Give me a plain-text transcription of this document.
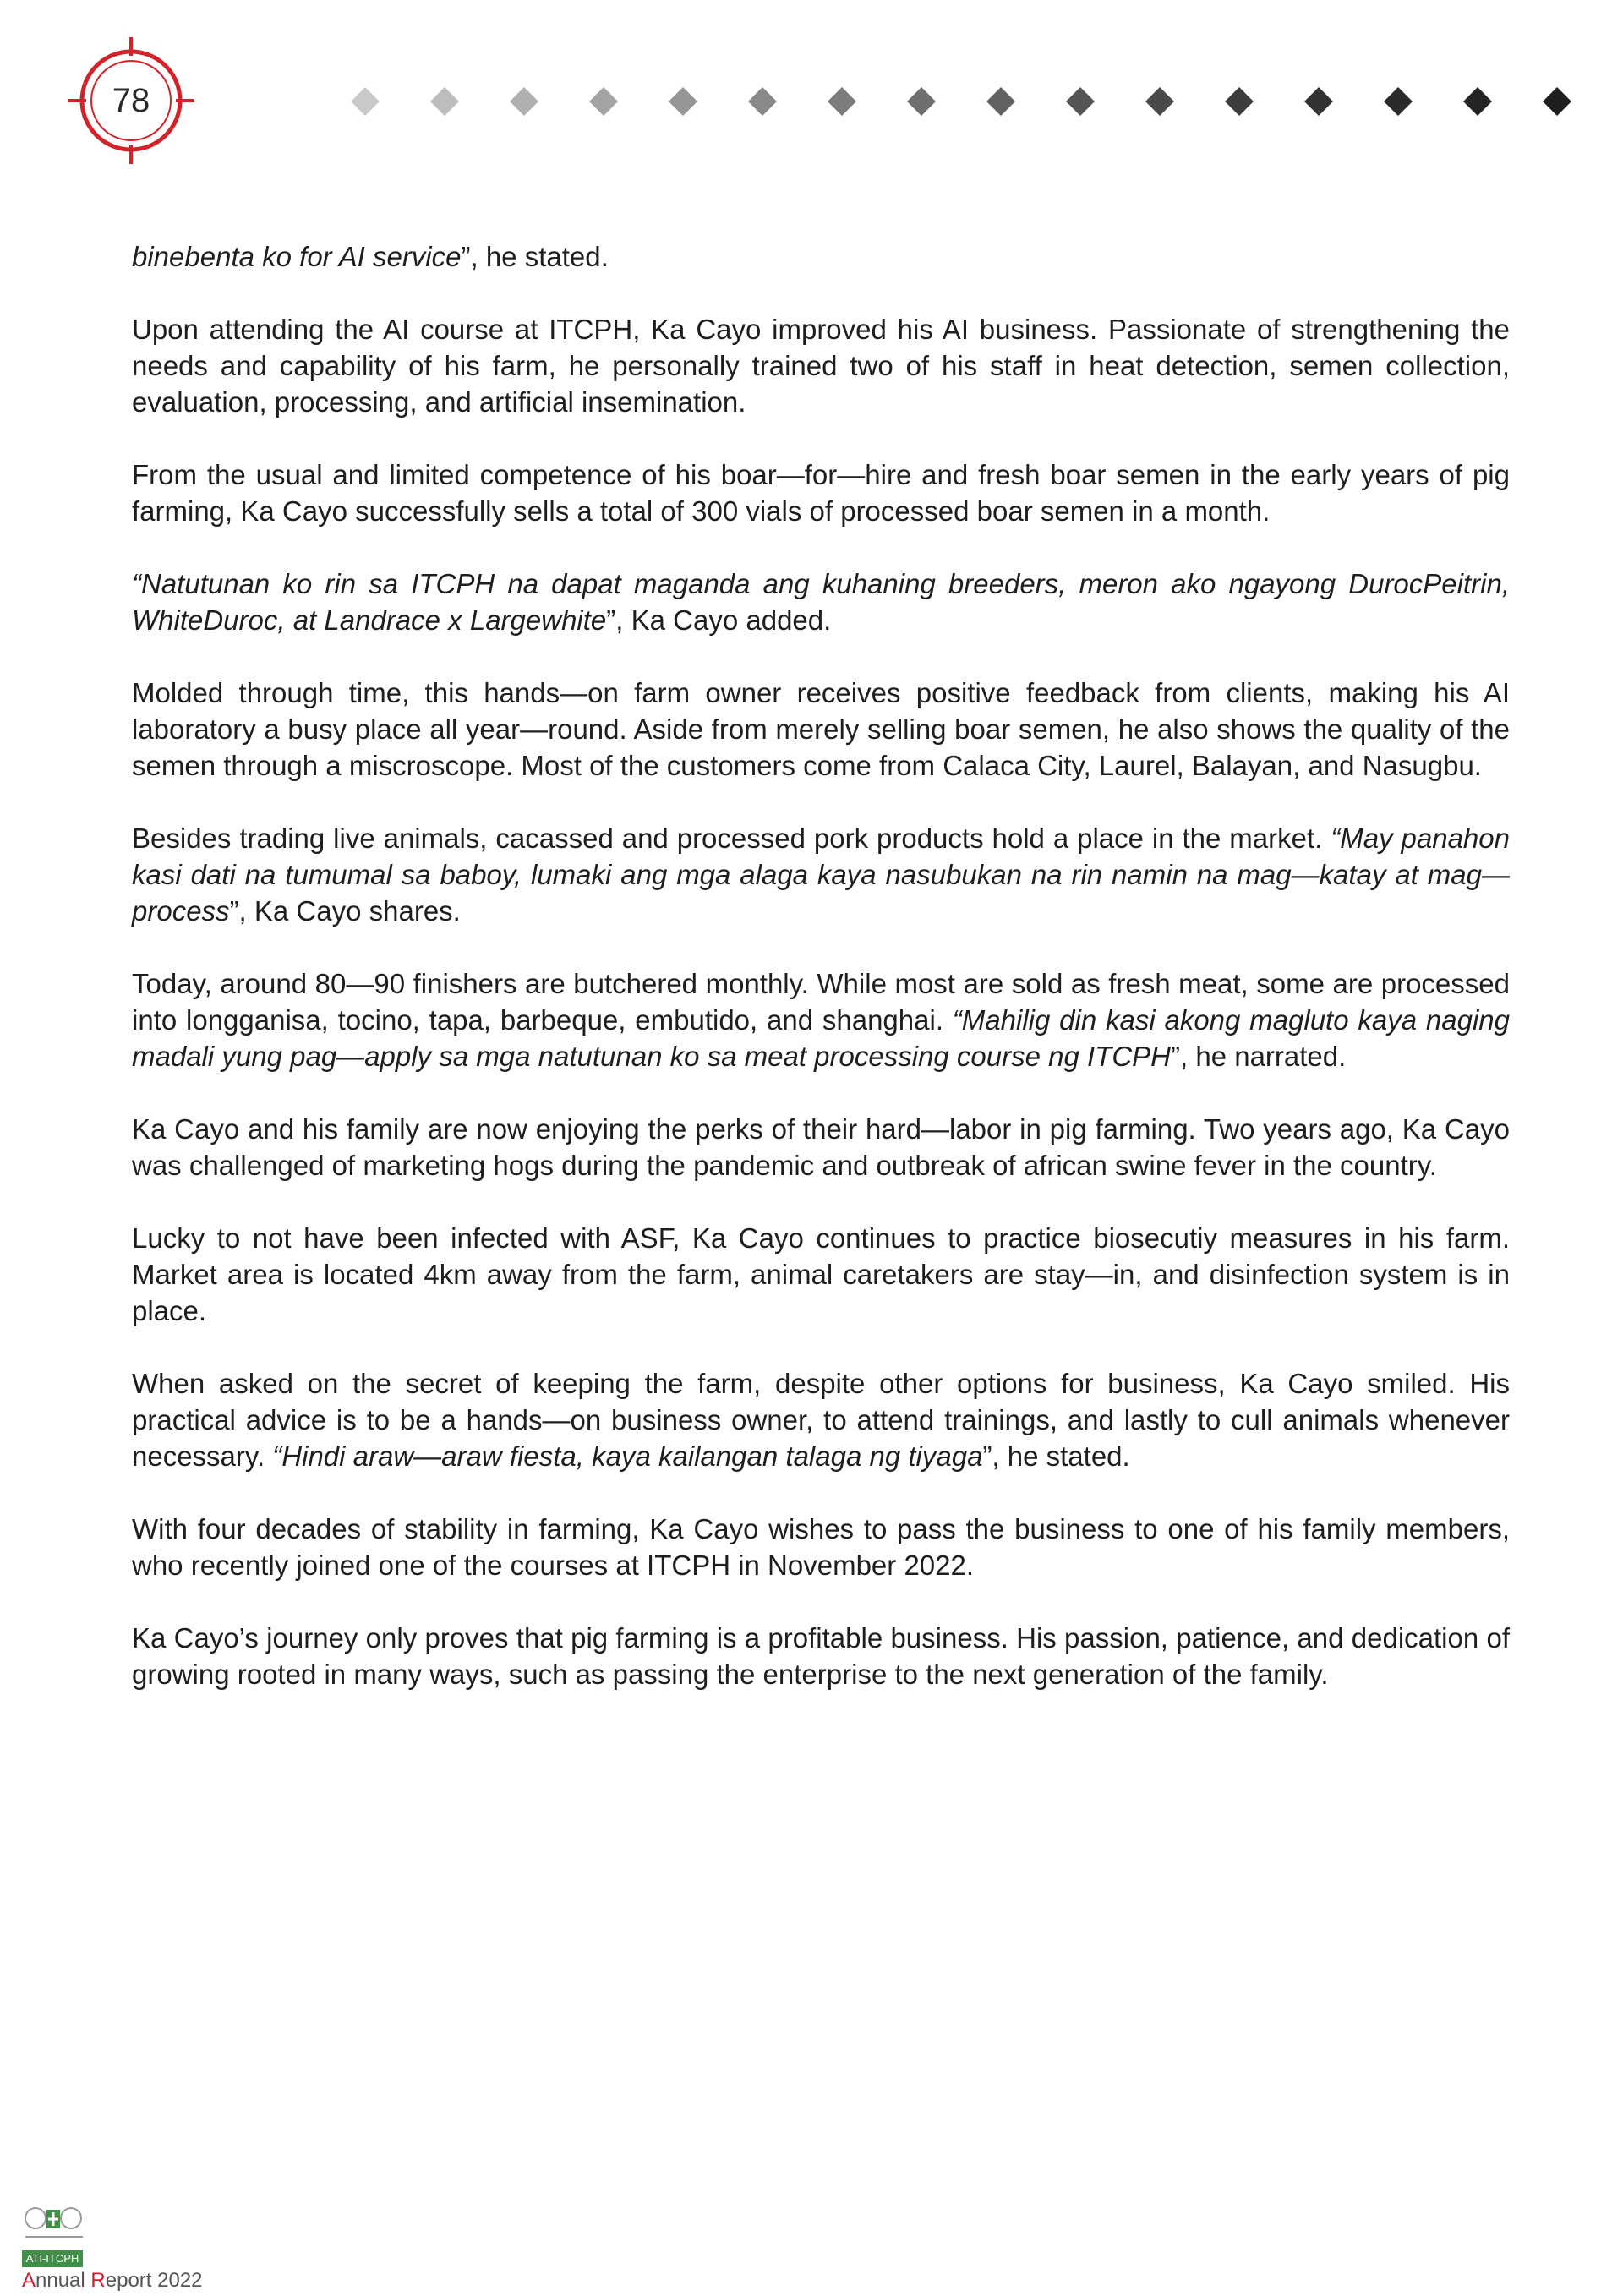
78

binebenta ko for AI service”, he stated.

Upon attending the AI course at ITCPH, Ka Cayo improved his AI business. Passionate of strengthening the needs and capability of his farm, he personally trained two of his staff in heat detection, semen collection, evaluation, processing, and artificial insemination.

From the usual and limited competence of his boar—for—hire and fresh boar semen in the early years of pig farming, Ka Cayo successfully sells a total of 300 vials of processed boar semen in a month.

“Natutunan ko rin sa ITCPH na dapat maganda ang kuhaning breeders, meron ako ngayong DurocPeitrin, WhiteDuroc, at Landrace x Largewhite”, Ka Cayo added.

Molded through time, this hands—on farm owner receives positive feedback from clients, making his AI laboratory a busy place all year—round. Aside from merely selling boar semen, he also shows the quality of the semen through a miscroscope. Most of the customers come from Calaca City, Laurel, Balayan, and Nasugbu.

Besides trading live animals, cacassed and processed pork products hold a place in the market. “May panahon kasi dati na tumumal sa baboy, lumaki ang mga alaga kaya nasubukan na rin namin na mag—katay at mag—process”, Ka Cayo shares.

Today, around 80—90 finishers are butchered monthly. While most are sold as fresh meat, some are processed into longganisa, tocino, tapa, barbeque, embutido, and shanghai. “Mahilig din kasi akong magluto kaya naging madali yung pag—apply sa mga natutunan ko sa meat processing course ng ITCPH”, he narrated.

Ka Cayo and his family are now enjoying the perks of their hard—labor in pig farming. Two years ago, Ka Cayo was challenged of marketing hogs during the pandemic and outbreak of african swine fever in the country.

Lucky to not have been infected with ASF, Ka Cayo continues to practice biosecutiy measures in his farm. Market area is located 4km away from the farm, animal caretakers are stay—in, and disinfection system is in place.

When asked on the secret of keeping the farm, despite other options for business, Ka Cayo smiled. His practical advice is to be a hands—on business owner, to attend trainings, and lastly to cull animals whenever necessary. “Hindi araw—araw fiesta, kaya kailangan talaga ng tiyaga”, he stated.

With four decades of stability in farming, Ka Cayo wishes to pass the business to one of his family members, who recently joined one of the courses at ITCPH in November 2022.

Ka Cayo’s journey only proves that pig farming is a profitable business. His passion, patience, and dedication of growing rooted in many ways, such as passing the enterprise to the next generation of the family.

ATI-ITCPH
Annual Report 2022
